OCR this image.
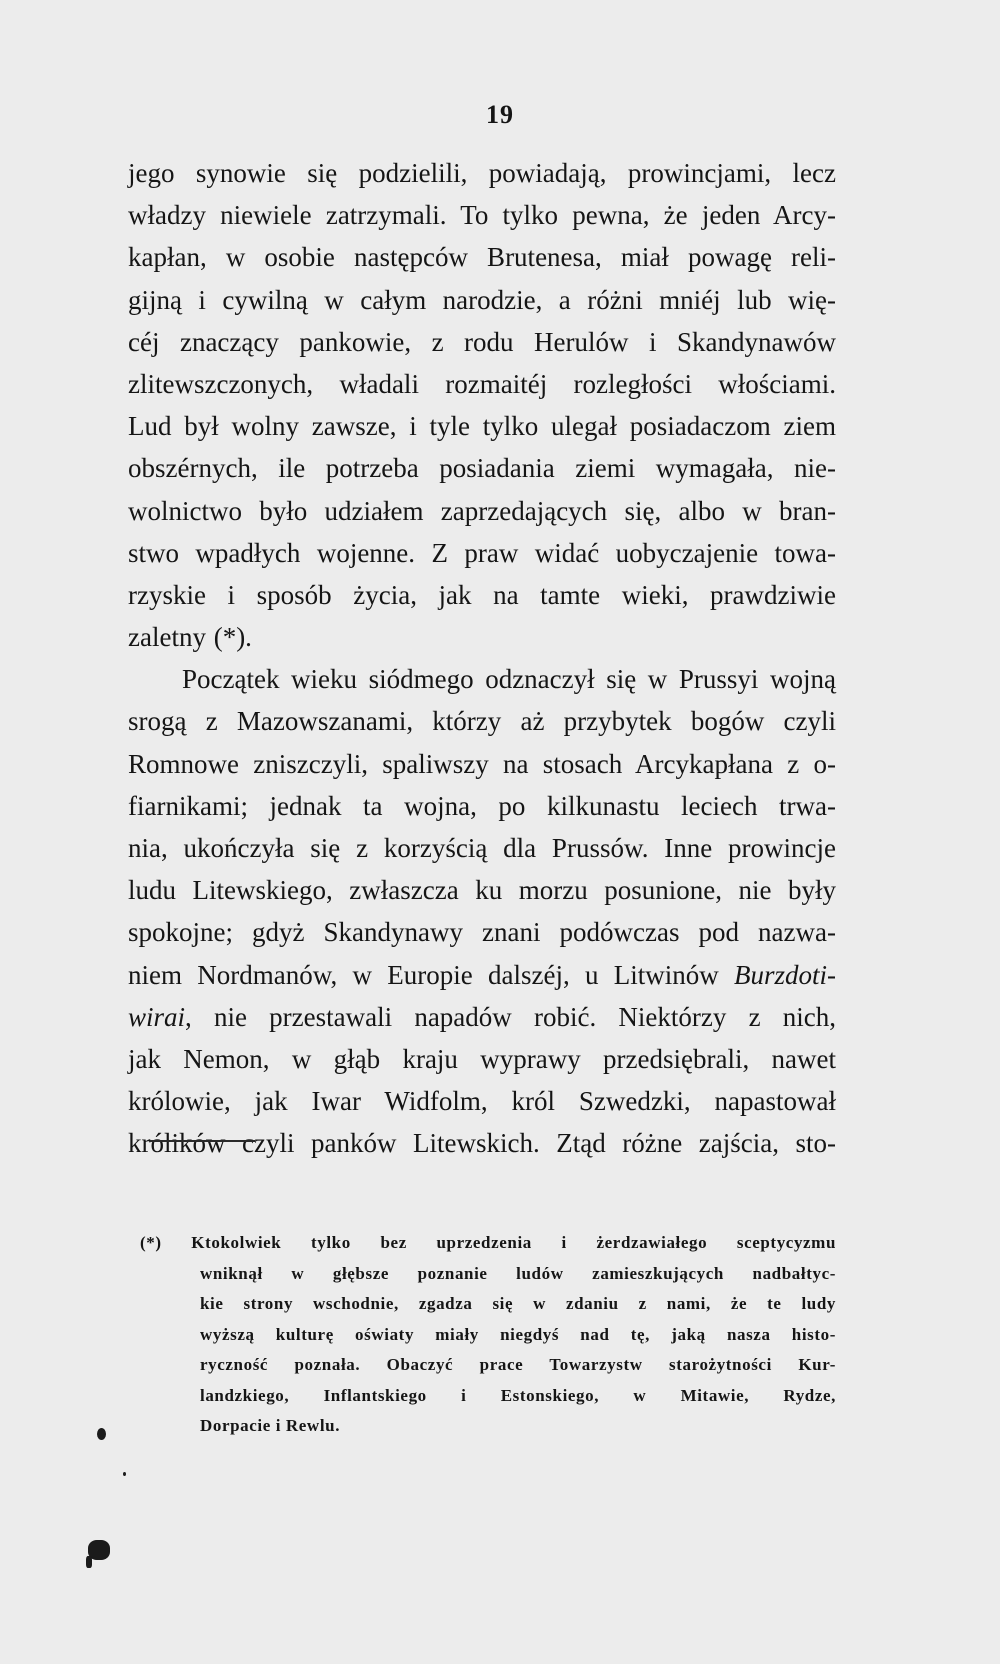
19
jego synowie się podzielili, powiadają, prowincjami, lecz
władzy niewiele zatrzymali. To tylko pewna, że jeden Arcy-
kapłan, w osobie następców Brutenesa, miał powagę reli-
gijną i cywilną w całym narodzie, a różni mniéj lub wię-
céj znaczący pankowie, z rodu Herulów i Skandynawów
zlitewszczonych, władali rozmaitéj rozległości włościami.
Lud był wolny zawsze, i tyle tylko ulegał posiadaczom ziem
obszérnych, ile potrzeba posiadania ziemi wymagała, nie-
wolnictwo było udziałem zaprzedających się, albo w bran-
stwo wpadłych wojenne. Z praw widać uobyczajenie towa-
rzyskie i sposób życia, jak na tamte wieki, prawdziwie
zaletny (*).
Początek wieku siódmego odznaczył się w Prussyi wojną
srogą z Mazowszanami, którzy aż przybytek bogów czyli
Romnowe zniszczyli, spaliwszy na stosach Arcykapłana z o-
fiarnikami; jednak ta wojna, po kilkunastu leciech trwa-
nia, ukończyła się z korzyścią dla Prussów. Inne prowincje
ludu Litewskiego, zwłaszcza ku morzu posunione, nie były
spokojne; gdyż Skandynawy znani podówczas pod nazwa-
niem Nordmanów, w Europie dalszéj, u Litwinów Burzdoti-
wirai, nie przestawali napadów robić. Niektórzy z nich,
jak Nemon, w głąb kraju wyprawy przedsiębrali, nawet
królowie, jak Iwar Widfolm, król Szwedzki, napastował
królików czyli panków Litewskich. Ztąd różne zajścia, sto-
(*) Ktokolwiek tylko bez uprzedzenia i żerdzawiałego sceptycyzmu
wniknął w głębsze poznanie ludów zamieszkujących nadbałtyc-
kie strony wschodnie, zgadza się w zdaniu z nami, że te ludy
wyższą kulturę oświaty miały niegdyś nad tę, jaką nasza histo-
ryczność poznała. Obaczyć prace Towarzystw starożytności Kur-
landzkiego, Inflantskiego i Estonskiego, w Mitawie, Rydze,
Dorpacie i Rewlu.
